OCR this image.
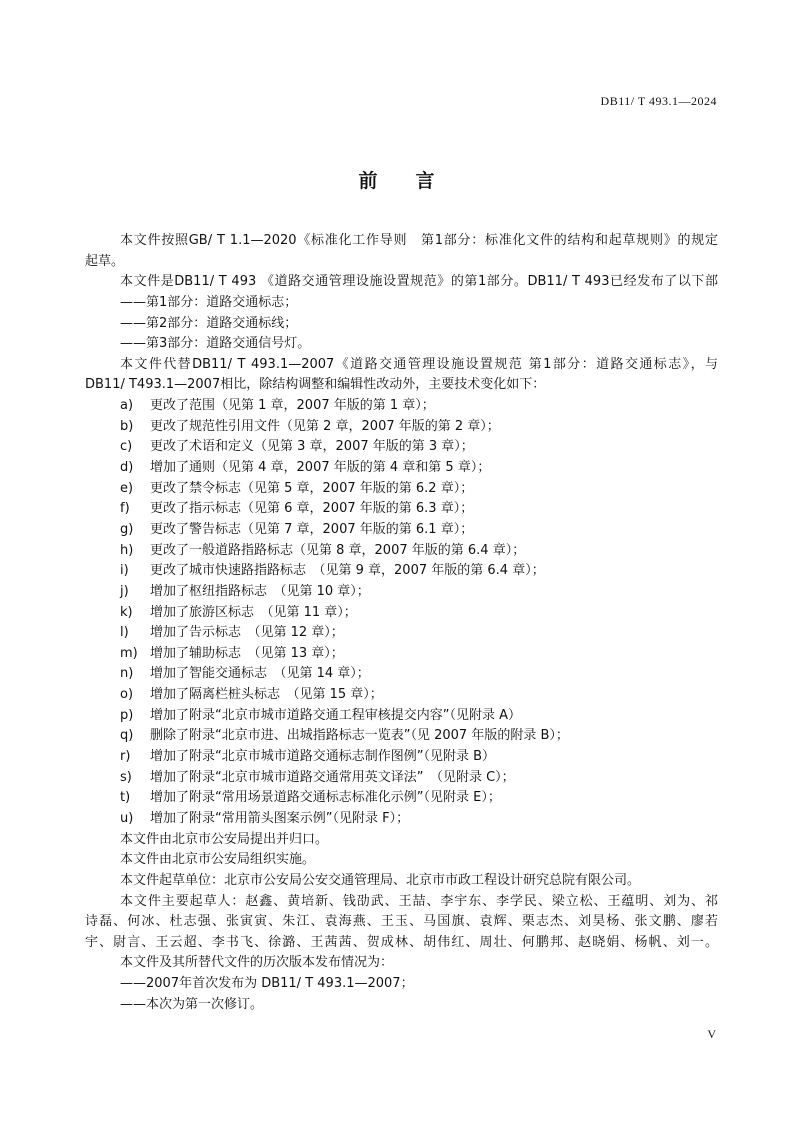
DB11/ T 493.1—2024
前言
本文件按照GB/ T 1.1—2020《标准化工作导则　第1部分：标准化文件的结构和起草规则》的规定
起草。
本文件是DB11/ T 493 《道路交通管理设施设置规范》的第1部分。DB11/ T 493已经发布了以下部
——第1部分：道路交通标志；
——第2部分：道路交通标线；
——第3部分：道路交通信号灯。
本文件代替DB11/ T 493.1—2007《道路交通管理设施设置规范 第1部分：道路交通标志》，与
DB11/ T493.1—2007相比，除结构调整和编辑性改动外，主要技术变化如下：
a)	更改了范围（见第 1 章，2007 年版的第 1 章）；
b)	更改了规范性引用文件（见第 2 章，2007 年版的第 2 章）；
c)	更改了术语和定义（见第 3 章，2007 年版的第 3 章）；
d)	增加了通则（见第 4 章，2007 年版的第 4 章和第 5 章）；
e)	更改了禁令标志（见第 5 章，2007 年版的第 6.2 章）；
f)	更改了指示标志（见第 6 章，2007 年版的第 6.3 章）；
g)	更改了警告标志（见第 7 章，2007 年版的第 6.1 章）；
h)	更改了一般道路指路标志（见第 8 章，2007 年版的第 6.4 章）；
i)	更改了城市快速路指路标志　（见第 9 章，2007 年版的第 6.4 章）；
j)	增加了枢纽指路标志　（见第 10 章）；
k)	增加了旅游区标志　（见第 11 章）；
l)	增加了告示标志　（见第 12 章）；
m) 增加了辅助标志　（见第 13 章）；
n)	增加了智能交通标志　（见第 14 章）；
o)	增加了隔离栏桩头标志　（见第 15 章）；
p)	增加了附录“北京市城市道路交通工程审核提交内容”（见附录 A）
q)	删除了附录“北京市进、出城指路标志一览表”（见 2007 年版的附录 B）；
r)	增加了附录“北京市城市道路交通标志制作图例”（见附录 B）
s)	增加了附录“北京市城市道路交通常用英文译法”　（见附录 C）；
t)	增加了附录“常用场景道路交通标志标准化示例”（见附录 E）；
u)	增加了附录“常用箭头图案示例”（见附录 F）；
本文件由北京市公安局提出并归口。
本文件由北京市公安局组织实施。
本文件起草单位：北京市公安局公安交通管理局、北京市市政工程设计研究总院有限公司。
本文件主要起草人：赵鑫、黄培新、钱劭武、王喆、李宇东、李学民、梁立松、王蕴明、刘为、祁
诗磊、何冰、杜志强、张寅寅、朱江、袁海燕、王玉、马国旗、袁辉、栗志杰、刘昊杨、张文鹏、廖若
宇、尉言、王云超、李书飞、徐潞、王茜茜、贺成林、胡伟红、周壮、何鹏邦、赵晓娟、杨帆、刘一。
本文件及其所替代文件的历次版本发布情况为：
——2007年首次发布为 DB11/ T 493.1—2007；
——本次为第一次修订。
V
